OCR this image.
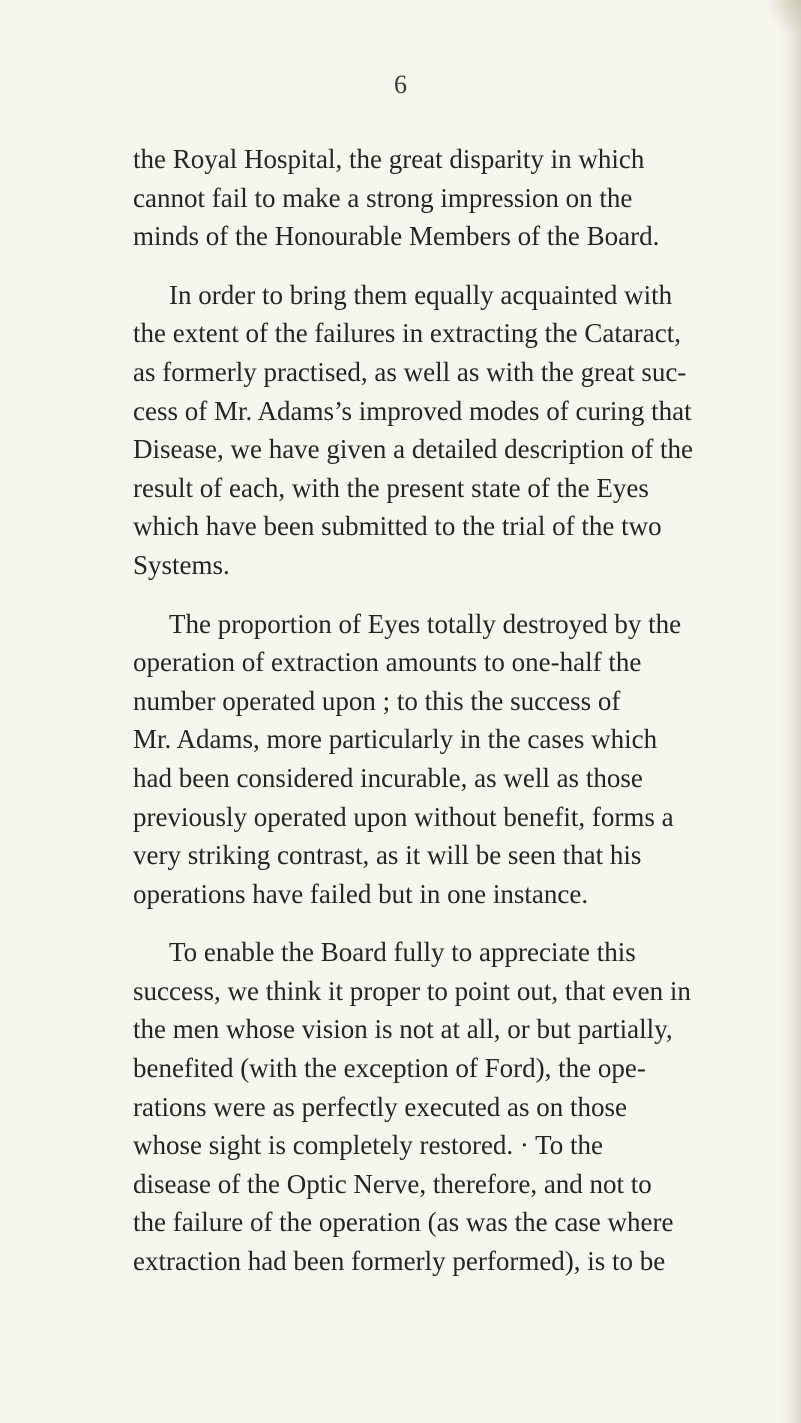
6
the Royal Hospital, the great disparity in which
cannot fail to make a strong impression on the
minds of the Honourable Members of the Board.
In order to bring them equally acquainted with
the extent of the failures in extracting the Cataract,
as formerly practised, as well as with the great suc-
cess of Mr. Adams’s improved modes of curing that
Disease, we have given a detailed description of the
result of each, with the present state of the Eyes
which have been submitted to the trial of the two
Systems.
The proportion of Eyes totally destroyed by the
operation of extraction amounts to one-half the
number operated upon ; to this the success of
Mr. Adams, more particularly in the cases which
had been considered incurable, as well as those
previously operated upon without benefit, forms a
very striking contrast, as it will be seen that his
operations have failed but in one instance.
To enable the Board fully to appreciate this
success, we think it proper to point out, that even in
the men whose vision is not at all, or but partially,
benefited (with the exception of Ford), the ope-
rations were as perfectly executed as on those
whose sight is completely restored. · To the
disease of the Optic Nerve, therefore, and not to
the failure of the operation (as was the case where
extraction had been formerly performed), is to be
